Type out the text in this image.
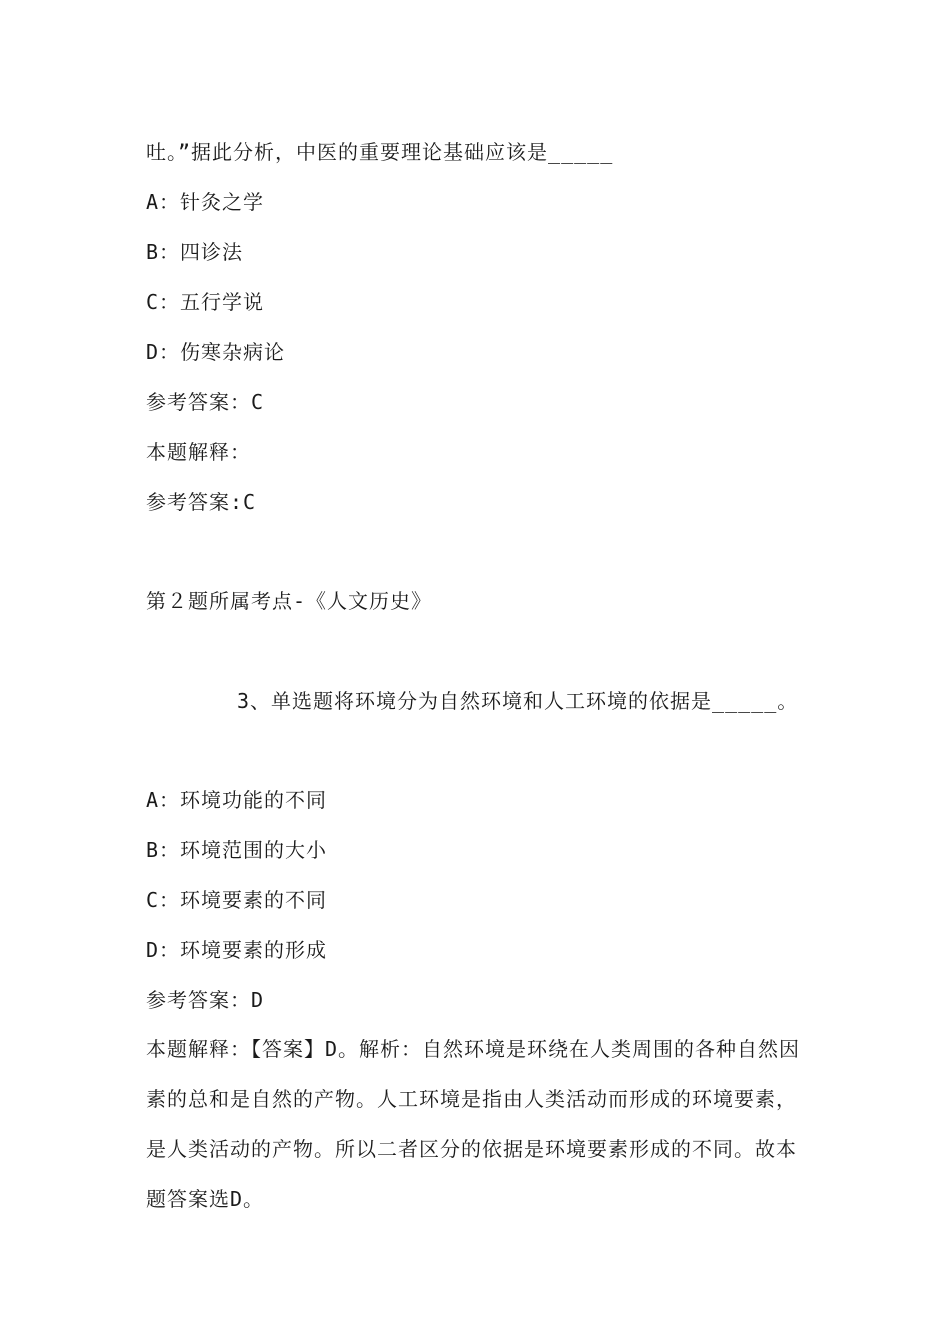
吐。”据此分析，中医的重要理论基础应该是_____
A：针灸之学
B：四诊法
C：五行学说
D：伤寒杂病论
参考答案：C
本题解释：
参考答案:C
第２题所属考点-《人文历史》
3、单选题将环境分为自然环境和人工环境的依据是_____。
A：环境功能的不同
B：环境范围的大小
C：环境要素的不同
D：环境要素的形成
参考答案：D
本题解释：【答案】D。解析：自然环境是环绕在人类周围的各种自然因素的总和是自然的产物。人工环境是指由人类活动而形成的环境要素，是人类活动的产物。所以二者区分的依据是环境要素形成的不同。故本题答案选D。
